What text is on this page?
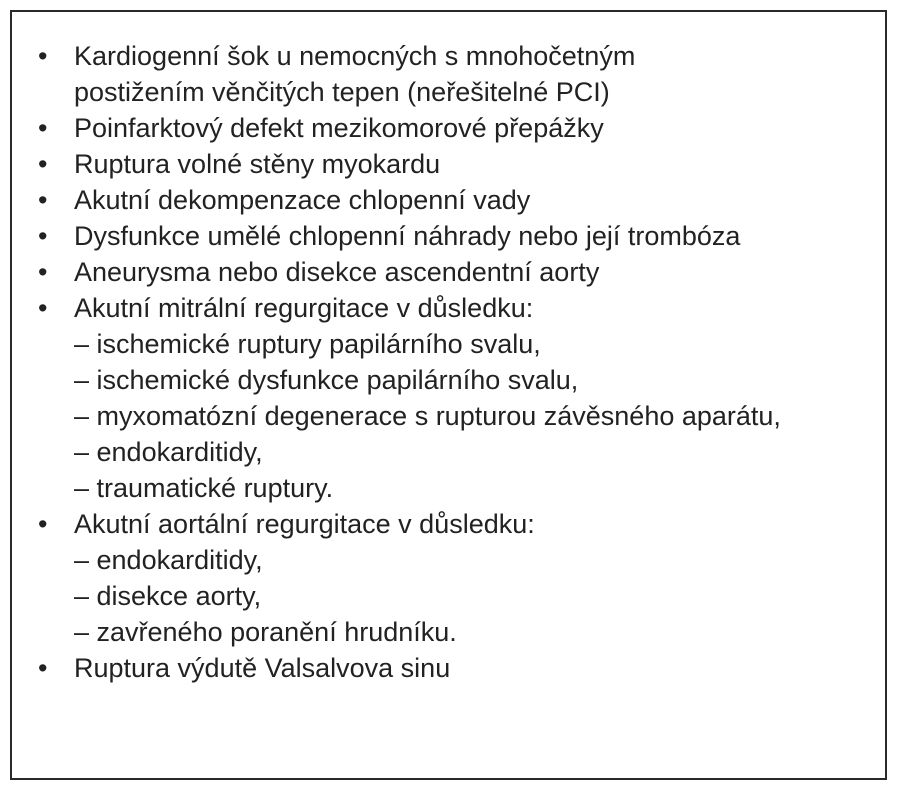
• Kardiogenní šok u nemocných s mnohočetným
postižením věnčitých tepen (neřešitelné PCI)
• Poinfarktový defekt mezikomorové přepážky
• Ruptura volné stěny myokardu
• Akutní dekompenzace chlopenní vady
• Dysfunkce umělé chlopenní náhrady nebo její trombóza
• Aneurysma nebo disekce ascendentní aorty
• Akutní mitrální regurgitace v důsledku:
– ischemické ruptury papilárního svalu,
– ischemické dysfunkce papilárního svalu,
– myxomatózní degenerace s rupturou závěsného aparátu,
– endokarditidy,
– traumatické ruptury.
• Akutní aortální regurgitace v důsledku:
– endokarditidy,
– disekce aorty,
– zavřeného poranění hrudníku.
• Ruptura výdutě Valsalvova sinu
